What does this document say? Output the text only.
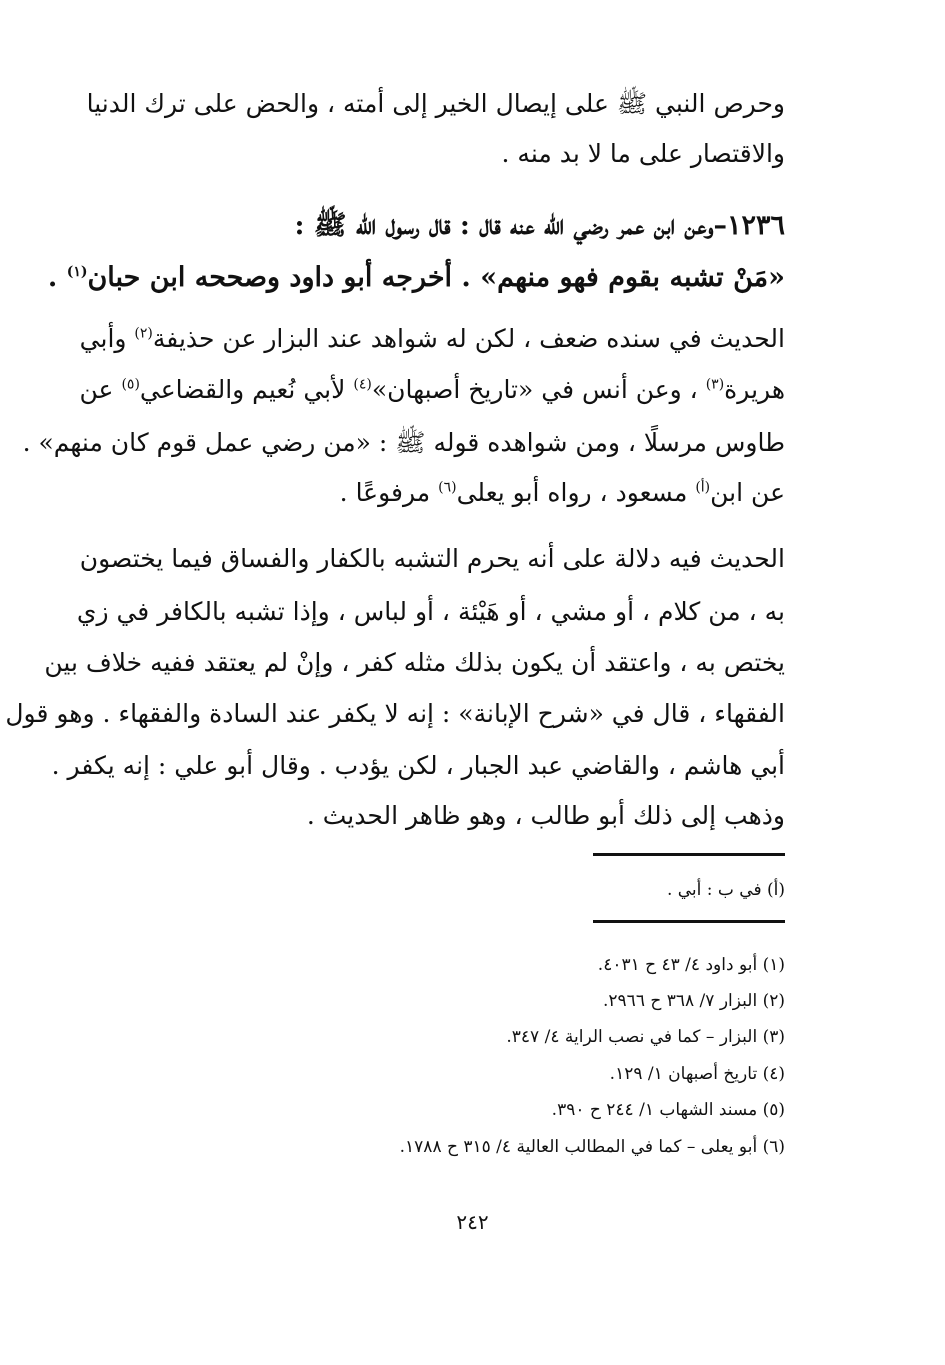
وحرص النبي ﷺ على إيصال الخير إلى أمته ، والحض على ترك الدنيا
والاقتصار على ما لا بد منه .
١٢٣٦–وعن ابن عمر رضي الله عنه قال : قال رسول الله ﷺ :
«مَنْ تشبه بقوم فهو منهم» . أخرجه أبو داود وصححه ابن حبان$^{(١)}$ .
الحديث في سنده ضعف ، لكن له شواهد عند البزار عن حذيفة$^{(٢)}$ وأبي
هريرة$^{(٣)}$ ، وعن أنس في «تاريخ أصبهان»$^{(٤)}$ لأبي نُعيم والقضاعي$^{(٥)}$ عن
طاوس مرسلًا ، ومن شواهده قوله ﷺ : «من رضي عمل قوم كان منهم» .
عن ابن$^{(أ)}$ مسعود ، رواه أبو يعلى$^{(٦)}$ مرفوعًا .
الحديث فيه دلالة على أنه يحرم التشبه بالكفار والفساق فيما يختصون
به ، من كلام ، أو مشي ، أو هَيْئة ، أو لباس ، وإذا تشبه بالكافر في زي
يختص به ، واعتقد أن يكون بذلك مثله كفر ، وإنْ لم يعتقد ففيه خلاف بين
الفقهاء ، قال في «شرح الإبانة» : إنه لا يكفر عند السادة والفقهاء . وهو قول
أبي هاشم ، والقاضي عبد الجبار ، لكن يؤدب . وقال أبو علي : إنه يكفر .
وذهب إلى ذلك أبو طالب ، وهو ظاهر الحديث .
(أ) في ب : أبي .
(١) أبو داود ٤/ ٤٣ ح ٤٠٣١.
(٢) البزار ٧/ ٣٦٨ ح ٢٩٦٦.
(٣) البزار – كما في نصب الراية ٤/ ٣٤٧.
(٤) تاريخ أصبهان ١/ ١٢٩.
(٥) مسند الشهاب ١/ ٢٤٤ ح ٣٩٠.
(٦) أبو يعلى – كما في المطالب العالية ٤/ ٣١٥ ح ١٧٨٨.
٢٤٢
